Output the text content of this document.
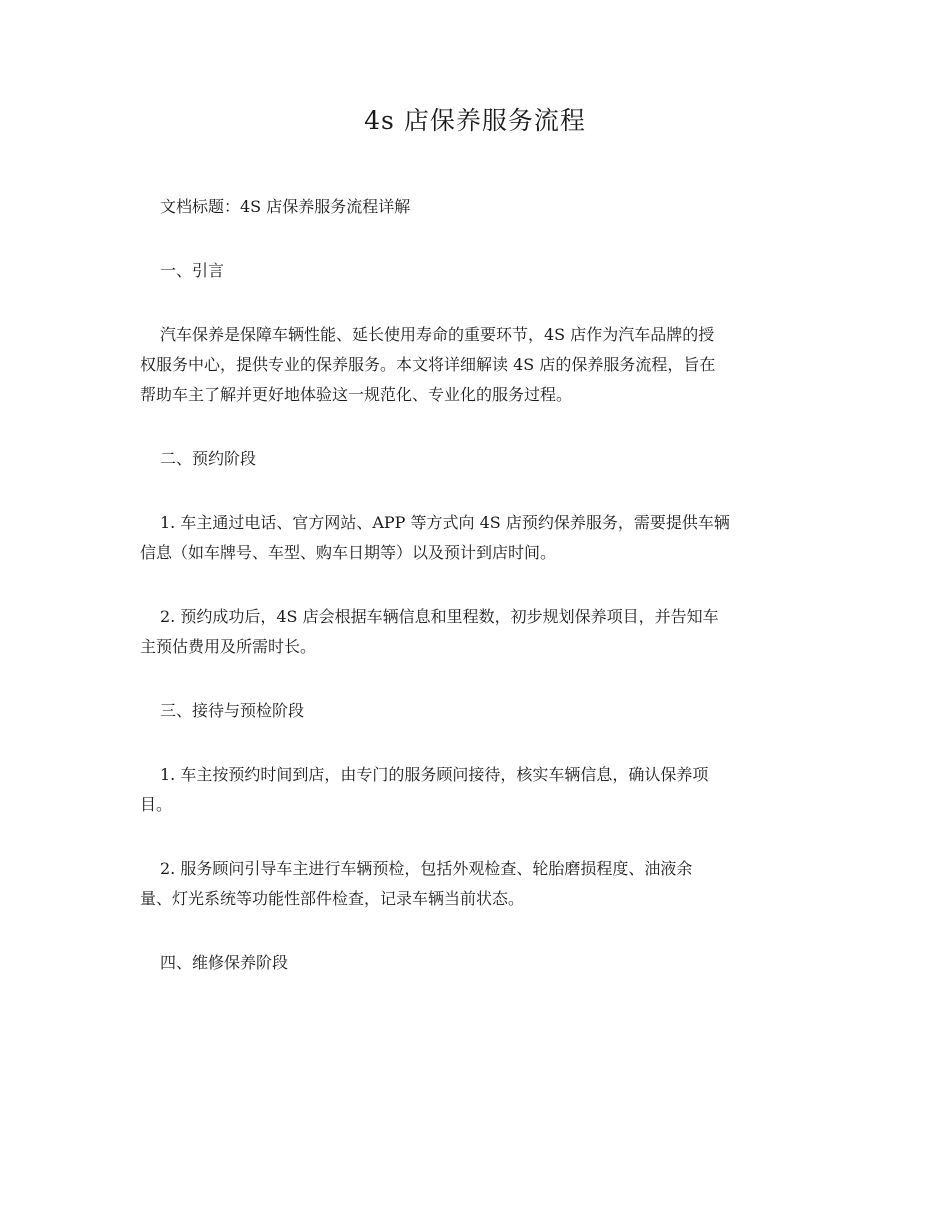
4s 店保养服务流程

文档标题：4S 店保养服务流程详解

一、引言

汽车保养是保障车辆性能、延长使用寿命的重要环节，4S 店作为汽车品牌的授
权服务中心，提供专业的保养服务。本文将详细解读 4S 店的保养服务流程，旨在
帮助车主了解并更好地体验这一规范化、专业化的服务过程。

二、预约阶段

1. 车主通过电话、官方网站、APP 等方式向 4S 店预约保养服务，需要提供车辆
信息（如车牌号、车型、购车日期等）以及预计到店时间。
2. 预约成功后，4S 店会根据车辆信息和里程数，初步规划保养项目，并告知车
主预估费用及所需时长。

三、接待与预检阶段

1. 车主按预约时间到店，由专门的服务顾问接待，核实车辆信息，确认保养项
目。
2. 服务顾问引导车主进行车辆预检，包括外观检查、轮胎磨损程度、油液余
量、灯光系统等功能性部件检查，记录车辆当前状态。

四、维修保养阶段
